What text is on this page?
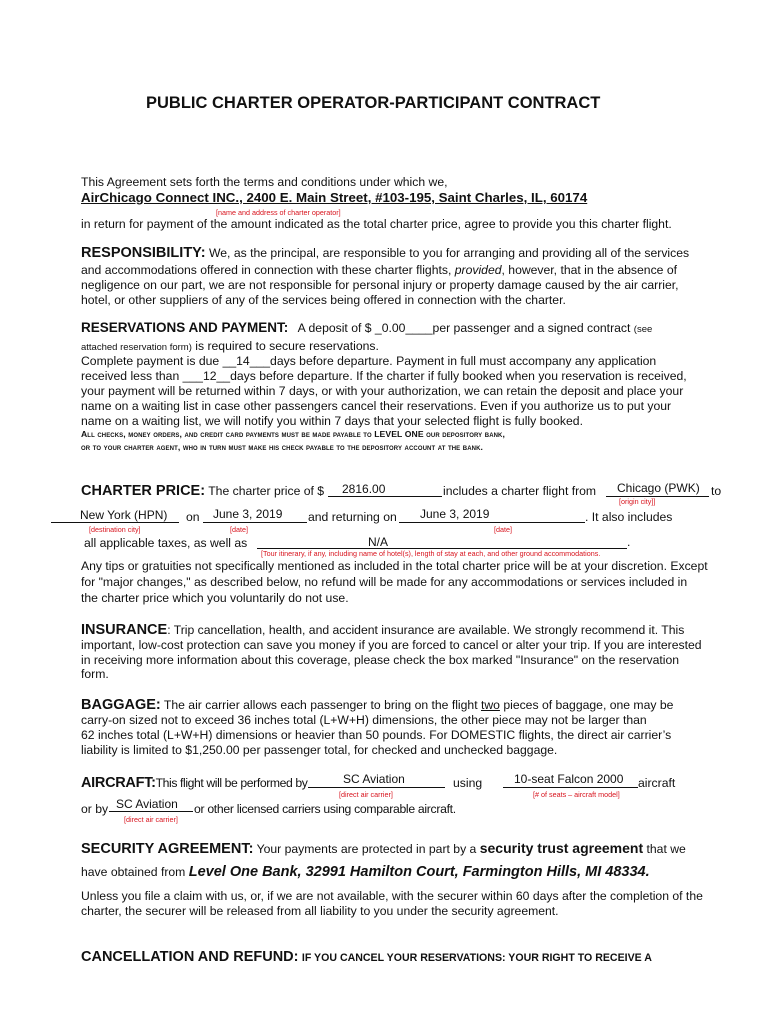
PUBLIC CHARTER OPERATOR-PARTICIPANT CONTRACT
This Agreement sets forth the terms and conditions under which we,
AirChicago Connect INC., 2400 E. Main Street, #103-195, Saint Charles, IL, 60174
[name and address of charter operator]
in return for payment of the amount indicated as the total charter price, agree to provide you this charter flight.
RESPONSIBILITY: We, as the principal, are responsible to you for arranging and providing all of the services
and accommodations offered in connection with these charter flights, provided, however, that in the absence of
negligence on our part, we are not responsible for personal injury or property damage caused by the air carrier,
hotel, or other suppliers of any of the services being offered in connection with the charter.
RESERVATIONS AND PAYMENT: A deposit of $ _0.00____per passenger and a signed contract (see
attached reservation form) is required to secure reservations.
Complete payment is due __14___days before departure. Payment in full must accompany any application
received less than ___12__days before departure. If the charter if fully booked when you reservation is received,
your payment will be returned within 7 days, or with your authorization, we can retain the deposit and place your
name on a waiting list in case other passengers cancel their reservations. Even if you authorize us to put your
name on a waiting list, we will notify you within 7 days that your selected flight is fully booked.
All checks, money orders, and credit card payments must be made payable to LEVEL ONE our depository bank,
or to your charter agent, who in turn must make his check payable to the depository account at the bank.
CHARTER PRICE: The charter price of $ 2816.00	includes a charter flight from Chicago (PWK) to
[origin city]]
New York (HPN) on June 3, 2019 and returning on June 3, 2019	. It also includes
[destination city]	[date]	[date]
all applicable taxes, as well as	N/A	.
[Tour itinerary, if any, including name of hotel(s), length of stay at each, and other ground accommodations.
Any tips or gratuities not specifically mentioned as included in the total charter price will be at your discretion. Except
for "major changes," as described below, no refund will be made for any accommodations or services included in
the charter price which you voluntarily do not use.
INSURANCE: Trip cancellation, health, and accident insurance are available. We strongly recommend it. This
important, low-cost protection can save you money if you are forced to cancel or alter your trip. If you are interested
in receiving more information about this coverage, please check the box marked "Insurance" on the reservation
form.
BAGGAGE: The air carrier allows each passenger to bring on the flight two pieces of baggage, one may be
carry-on sized not to exceed 36 inches total (L+W+H) dimensions, the other piece may not be larger than
62 inches total (L+W+H) dimensions or heavier than 50 pounds. For DOMESTIC flights, the direct air carrier’s
liability is limited to $1,250.00 per passenger total, for checked and unchecked baggage.
AIRCRAFT:This flight will be performed by	SC Aviation	using	10-seat Falcon 2000 aircraft
[direct air carrier]	[# of seats – aircraft model]
or by SC Aviation or other licensed carriers using comparable aircraft.
[direct air carrier]
SECURITY AGREEMENT: Your payments are protected in part by a security trust agreement that we
have obtained from Level One Bank, 32991 Hamilton Court, Farmington Hills, MI 48334.
Unless you file a claim with us, or, if we are not available, with the securer within 60 days after the completion of the
charter, the securer will be released from all liability to you under the security agreement.
CANCELLATION AND REFUND: IF YOU CANCEL YOUR RESERVATIONS: YOUR RIGHT TO RECEIVE A
